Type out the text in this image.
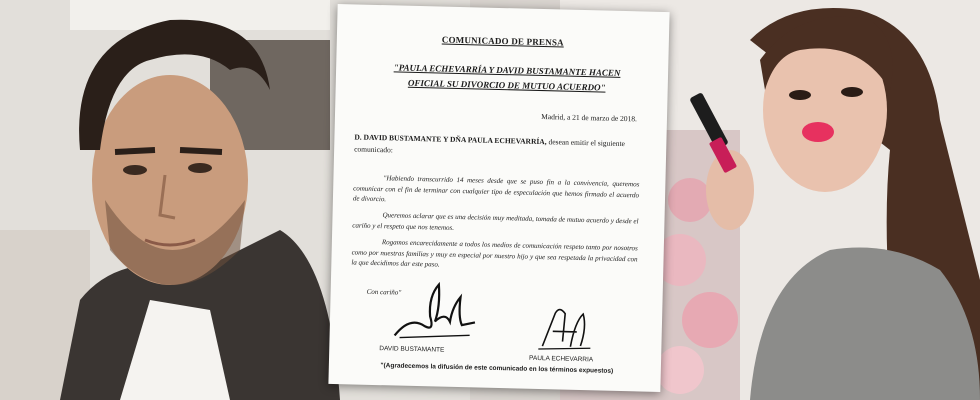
COMUNICADO DE PRENSA
"PAULA ECHEVARRÍA Y DAVID BUSTAMANTE HACEN OFICIAL SU DIVORCIO DE MUTUO ACUERDO"
Madrid, a 21 de marzo de 2018.
D. DAVID BUSTAMANTE Y DÑA PAULA ECHEVARRÍA, desean emitir el siguiente comunicado:

"Habiendo transcurrido 14 meses desde que se puso fin a la convivencia, queremos comunicar con el fin de terminar con cualquier tipo de especulación que hemos firmado el acuerdo de divorcio.

Queremos aclarar que es una decisión muy meditada, tomada de mutuo acuerdo y desde el cariño y el respeto que nos tenemos.

Rogamos encarecidamente a todos los medios de comunicación respeto tanto por nosotros como por nuestras familias y muy en especial por nuestro hijo y que sea respetada la privacidad con la que decidimos dar este paso.

Con cariño"
DAVID BUSTAMANTE
PAULA ECHEVARRIA
"(Agradecemos la difusión de este comunicado en los términos expuestos)
